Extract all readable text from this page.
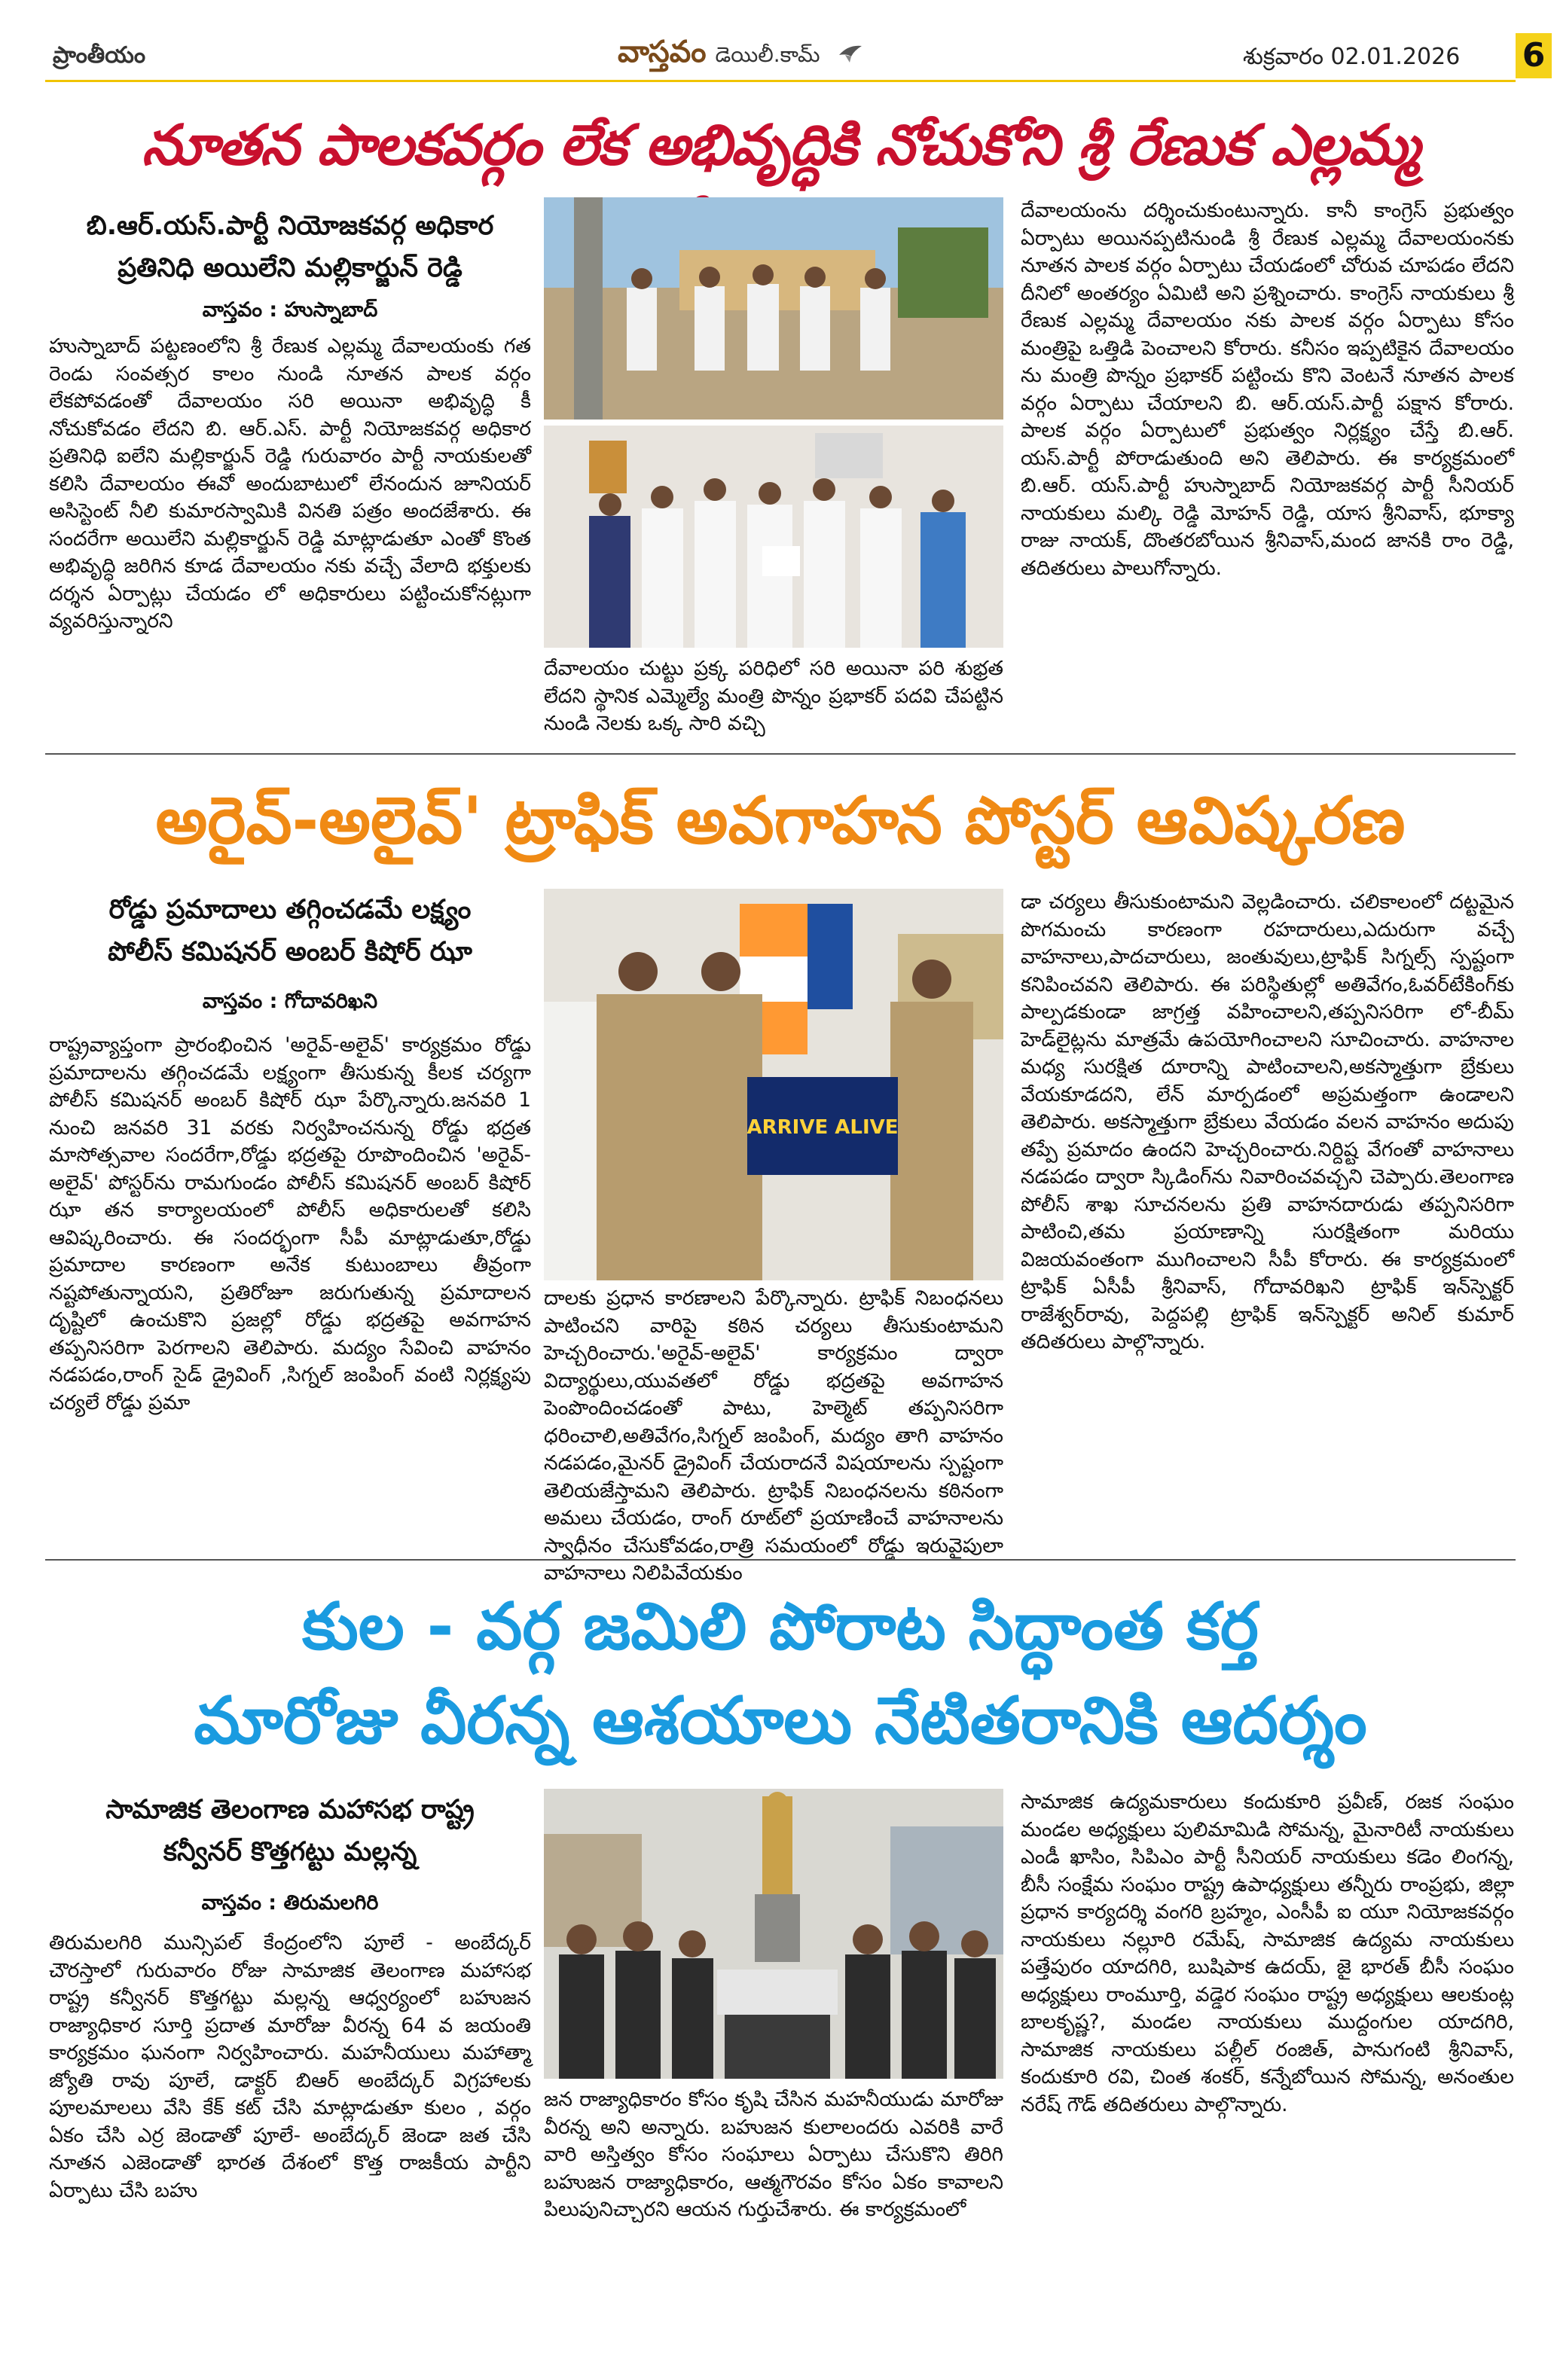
ప్రాంతీయం	వాస్తవం డెయిలీ.కామ్	శుక్రవారం 02.01.2026 6
నూతన పాలకవర్గం లేక అభివృద్ధికి నోచుకోని శ్రీ రేణుక ఎల్లమ్మ
బి.ఆర్.యస్.పార్టీ నియోజకవర్గ అధికార
ప్రతినిధి అయిలేని మల్లికార్జున్ రెడ్డి
వాస్తవం : హుస్నాబాద్
హుస్నాబాద్ పట్టణంలోని శ్రీ రేణుక ఎల్లమ్మ దేవాలయంకు గత రెండు సంవత్సర కాలం నుండి నూతన పాలక వర్గం లేకపోవడంతో దేవాలయం సరి అయినా అభివృద్ధి కీ నోచుకోవడం లేదని బి. ఆర్.ఎస్. పార్టీ నియోజకవర్గ అధికార ప్రతినిధి ఐలేని మల్లికార్జున్ రెడ్డి గురువారం పార్టీ నాయకులతో కలిసి దేవాలయం ఈవో అందుబాటులో లేనందున జూనియర్ అసిస్టెంట్ నీలి కుమారస్వామికి వినతి పత్రం అందజేశారు. ఈ సందరేగా అయిలేని మల్లికార్జున్ రెడ్డి మాట్లాడుతూ ఎంతో కొంత అభివృద్ధి జరిగిన కూడ దేవాలయం నకు వచ్చే వేలాది భక్తులకు దర్శన ఏర్పాట్లు చేయడం లో అధికారులు పట్టించుకోనట్లుగా వ్యవరిస్తున్నారని
దేవాలయం చుట్టు ప్రక్క పరిధిలో సరి అయినా పరి శుభ్రత లేదని స్థానిక ఎమ్మెల్యే మంత్రి పొన్నం ప్రభాకర్ పదవి చేపట్టిన నుండి నెలకు ఒక్క సారి వచ్చి
దేవాలయంను దర్శించుకుంటున్నారు. కానీ కాంగ్రెస్ ప్రభుత్వం ఏర్పాటు అయినప్పటినుండి శ్రీ రేణుక ఎల్లమ్మ దేవాలయంనకు నూతన పాలక వర్గం ఏర్పాటు చేయడంలో చోరువ చూపడం లేదని దీనిలో అంతర్యం ఏమిటి అని ప్రశ్నించారు. కాంగ్రెస్ నాయకులు శ్రీ రేణుక ఎల్లమ్మ దేవాలయం నకు పాలక వర్గం ఏర్పాటు కోసం మంత్రిపై ఒత్తిడి పెంచాలని కోరారు. కనీసం ఇప్పటికైన దేవాలయం ను మంత్రి పొన్నం ప్రభాకర్ పట్టించు కొని వెంటనే నూతన పాలక వర్గం ఏర్పాటు చేయాలని బి. ఆర్.యస్.పార్టీ పక్షాన కోరారు. పాలక వర్గం ఏర్పాటులో ప్రభుత్వం నిర్లక్ష్యం చేస్తే బి.ఆర్. యస్.పార్టీ పోరాడుతుంది అని తెలిపారు. ఈ కార్యక్రమంలో బి.ఆర్. యస్.పార్టీ హుస్నాబాద్ నియోజకవర్గ పార్టీ సీనియర్ నాయకులు మల్కి రెడ్డి మోహన్ రెడ్డి, యాస శ్రీనివాస్, భూక్యా రాజు నాయక్, దొంతరబోయిన శ్రీనివాస్,మంద జానకి రాం రెడ్డి, తదితరులు పాలుగోన్నారు.
అరైవ్-అలైవ్' ట్రాఫిక్ అవగాహన పోస్టర్ ఆవిష్కరణ
రోడ్డు ప్రమాదాలు తగ్గించడమే లక్ష్యం
పోలీస్ కమిషనర్ అంబర్ కిషోర్ ఝా
వాస్తవం : గోదావరిఖని
రాష్ట్రవ్యాప్తంగా ప్రారంభించిన 'అరైవ్-అలైవ్' కార్యక్రమం రోడ్డు ప్రమాదాలను తగ్గించడమే లక్ష్యంగా తీసుకున్న కీలక చర్యగా పోలీస్ కమిషనర్ అంబర్ కిషోర్ ఝా పేర్కొన్నారు.జనవరి 1 నుంచి జనవరి 31 వరకు నిర్వహించనున్న రోడ్డు భద్రత మాసోత్సవాల సందరేగా,రోడ్డు భద్రతపై రూపొందించిన 'అరైవ్-అలైవ్' పోస్టర్‌ను రామగుండం పోలీస్ కమిషనర్ అంబర్ కిషోర్ ఝా తన కార్యాలయంలో పోలీస్ అధికారులతో కలిసి ఆవిష్కరించారు. ఈ సందర్భంగా సీపీ మాట్లాడుతూ,రోడ్డు ప్రమాదాల కారణంగా అనేక కుటుంబాలు తీవ్రంగా నష్టపోతున్నాయని, ప్రతిరోజూ జరుగుతున్న ప్రమాదాలన దృష్టిలో ఉంచుకొని ప్రజల్లో రోడ్డు భద్రతపై అవగాహన తప్పనిసరిగా పెరగాలని తెలిపారు. మద్యం సేవించి వాహనం నడపడం,రాంగ్ సైడ్ డ్రైవింగ్ ,సిగ్నల్ జంపింగ్ వంటి నిర్లక్ష్యపు చర్యలే రోడ్డు ప్రమా
ARRIVE ALIVE
దాలకు ప్రధాన కారణాలని పేర్కొన్నారు. ట్రాఫిక్ నిబంధనలు పాటించని వారిపై కఠిన చర్యలు తీసుకుంటామని హెచ్చరించారు.'అరైవ్-అలైవ్' కార్యక్రమం ద్వారా విద్యార్థులు,యువతలో రోడ్డు భద్రతపై అవగాహన పెంపొందించడంతో పాటు, హెల్మెట్ తప్పనిసరిగా ధరించాలి,అతివేగం,సిగ్నల్ జంపింగ్, మద్యం తాగి వాహనం నడపడం,మైనర్ డ్రైవింగ్ చేయరాదనే విషయాలను స్పష్టంగా తెలియజేస్తామని తెలిపారు. ట్రాఫిక్ నిబంధనలను కఠినంగా అమలు చేయడం, రాంగ్ రూట్‌లో ప్రయాణించే వాహనాలను స్వాధీనం చేసుకోవడం,రాత్రి సమయంలో రోడ్డు ఇరువైపులా వాహనాలు నిలిపివేయకుం
డా చర్యలు తీసుకుంటామని వెల్లడించారు. చలికాలంలో దట్టమైన పొగమంచు కారణంగా రహదారులు,ఎదురుగా వచ్చే వాహనాలు,పాదచారులు, జంతువులు,ట్రాఫిక్ సిగ్నల్స్ స్పష్టంగా కనిపించవని తెలిపారు. ఈ పరిస్థితుల్లో అతివేగం,ఓవర్‌టేకింగ్‌కు పాల్పడకుండా జాగ్రత్త వహించాలని,తప్పనిసరిగా లో-బీమ్ హెడ్‌లైట్లను మాత్రమే ఉపయోగించాలని సూచించారు. వాహనాల మధ్య సురక్షిత దూరాన్ని పాటించాలని,అకస్మాత్తుగా బ్రేకులు వేయకూడదని, లేన్ మార్పడంలో అప్రమత్తంగా ఉండాలని తెలిపారు. అకస్మాత్తుగా బ్రేకులు వేయడం వలన వాహనం అదుపు తప్పే ప్రమాదం ఉందని హెచ్చరించారు.నిర్దిష్ట వేగంతో వాహనాలు నడపడం ద్వారా స్కిడింగ్‌ను నివారించవచ్చని చెప్పారు.తెలంగాణ పోలీస్ శాఖ సూచనలను ప్రతి వాహనదారుడు తప్పనిసరిగా పాటించి,తమ ప్రయాణాన్ని సురక్షితంగా మరియు విజయవంతంగా ముగించాలని సీపీ కోరారు. ఈ కార్యక్రమంలో ట్రాఫిక్ ఏసీపీ శ్రీనివాస్, గోదావరిఖని ట్రాఫిక్ ఇన్‌స్పెక్టర్ రాజేశ్వర్‌రావు, పెద్దపల్లి ట్రాఫిక్ ఇన్‌స్పెక్టర్ అనిల్ కుమార్ తదితరులు పాల్గొన్నారు.
కుల - వర్గ జమిలి పోరాట సిద్ధాంత కర్త
మారోజు వీరన్న ఆశయాలు నేటితరానికి ఆదర్శం
సామాజిక తెలంగాణ మహాసభ రాష్ట్ర
కన్వీనర్ కొత్తగట్టు మల్లన్న
వాస్తవం : తిరుమలగిరి
తిరుమలగిరి మున్సిపల్ కేంద్రంలోని పూలే - అంబేద్కర్ చౌరస్తాలో గురువారం రోజు సామాజిక తెలంగాణ మహాసభ రాష్ట్ర కన్వీనర్ కొత్తగట్టు మల్లన్న ఆధ్వర్యంలో బహుజన రాజ్యాధికార సూర్తి ప్రదాత మారోజు వీరన్న 64 వ జయంతి కార్యక్రమం ఘనంగా నిర్వహించారు. మహనీయులు మహాత్మా జ్యోతి రావు పూలే, డాక్టర్ బిఆర్ అంబేద్కర్ విగ్రహాలకు పూలమాలలు వేసి కేక్ కట్ చేసి మాట్లాడుతూ కులం , వర్గం ఏకం చేసి ఎర్ర జెండాతో పూలే- అంబేద్కర్ జెండా జత చేసి నూతన ఎజెండాతో భారత దేశంలో కొత్త రాజకీయ పార్టీని ఏర్పాటు చేసి బహు
జన రాజ్యాధికారం కోసం కృషి చేసిన మహనీయుడు మారోజు వీరన్న అని అన్నారు. బహుజన కులాలందరు ఎవరికి వారే వారి అస్తిత్వం కోసం సంఘాలు ఏర్పాటు చేసుకొని తిరిగి బహుజన రాజ్యాధికారం, ఆత్మగౌరవం కోసం ఏకం కావాలని పిలుపునిచ్చారని ఆయన గుర్తుచేశారు. ఈ కార్యక్రమంలో
సామాజిక ఉద్యమకారులు కందుకూరి ప్రవీణ్, రజక సంఘం మండల అధ్యక్షులు పులిమామిడి సోమన్న, మైనారిటీ నాయకులు ఎండీ ఖాసిం, సిపిఎం పార్టీ సీనియర్ నాయకులు కడెం లింగన్న, బీసీ సంక్షేమ సంఘం రాష్ట్ర ఉపాధ్యక్షులు తన్నీరు రాంప్రభు, జిల్లా ప్రధాన కార్యదర్శి వంగరి బ్రహ్మం, ఎంసీపీ ఐ యూ నియోజకవర్గం నాయకులు నల్లూరి రమేష్, సామాజిక ఉద్యమ నాయకులు పత్తేపురం యాదగిరి, బుషిపాక ఉదయ్, జై భారత్ బీసీ సంఘం అధ్యక్షులు రాంమూర్తి, వడ్డెర సంఘం రాష్ట్ర అధ్యక్షులు ఆలకుంట్ల బాలకృష్ణ?, మండల నాయకులు ముద్దంగుల యాదగిరి, సామాజిక నాయకులు పల్లీల్ రంజిత్, పానుగంటి శ్రీనివాస్, కందుకూరి రవి, చింత శంకర్, కన్నేబోయిన సోమన్న, అనంతుల నరేష్ గౌడ్ తదితరులు పాల్గొన్నారు.
